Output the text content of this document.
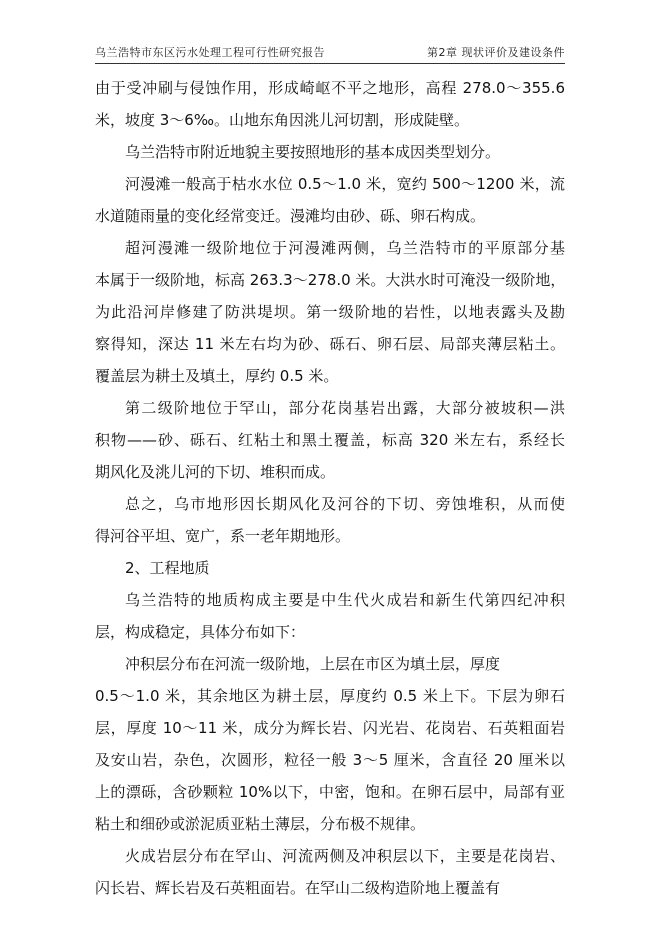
乌兰浩特市东区污水处理工程可行性研究报告	第2章 现状评价及建设条件
由于受冲刷与侵蚀作用，形成崎岖不平之地形，高程 278.0～355.6
米，坡度 3～6‰。山地东角因洮儿河切割，形成陡壁。
乌兰浩特市附近地貌主要按照地形的基本成因类型划分。
河漫滩一般高于枯水水位 0.5～1.0 米，宽约 500～1200 米，流
水道随雨量的变化经常变迁。漫滩均由砂、砾、卵石构成。
超河漫滩一级阶地位于河漫滩两侧，乌兰浩特市的平原部分基
本属于一级阶地，标高 263.3～278.0 米。大洪水时可淹没一级阶地，
为此沿河岸修建了防洪堤坝。第一级阶地的岩性，以地表露头及勘
察得知，深达 11 米左右均为砂、砾石、卵石层、局部夹薄层粘土。
覆盖层为耕土及填土，厚约 0.5 米。
第二级阶地位于罕山，部分花岗基岩出露，大部分被坡积—洪
积物——砂、砾石、红粘土和黑土覆盖，标高 320 米左右，系经长
期风化及洮儿河的下切、堆积而成。
总之，乌市地形因长期风化及河谷的下切、旁蚀堆积，从而使
得河谷平坦、宽广，系一老年期地形。
2、工程地质
乌兰浩特的地质构成主要是中生代火成岩和新生代第四纪冲积
层，构成稳定，具体分布如下：
冲积层分布在河流一级阶地，上层在市区为填土层，厚度
0.5～1.0 米，其余地区为耕土层，厚度约 0.5 米上下。下层为卵石
层，厚度 10～11 米，成分为辉长岩、闪光岩、花岗岩、石英粗面岩
及安山岩，杂色，次圆形，粒径一般 3～5 厘米，含直径 20 厘米以
上的漂砾，含砂颗粒 10%以下，中密，饱和。在卵石层中，局部有亚
粘土和细砂或淤泥质亚粘土薄层，分布极不规律。
火成岩层分布在罕山、河流两侧及冲积层以下，主要是花岗岩、
闪长岩、辉长岩及石英粗面岩。在罕山二级构造阶地上覆盖有
